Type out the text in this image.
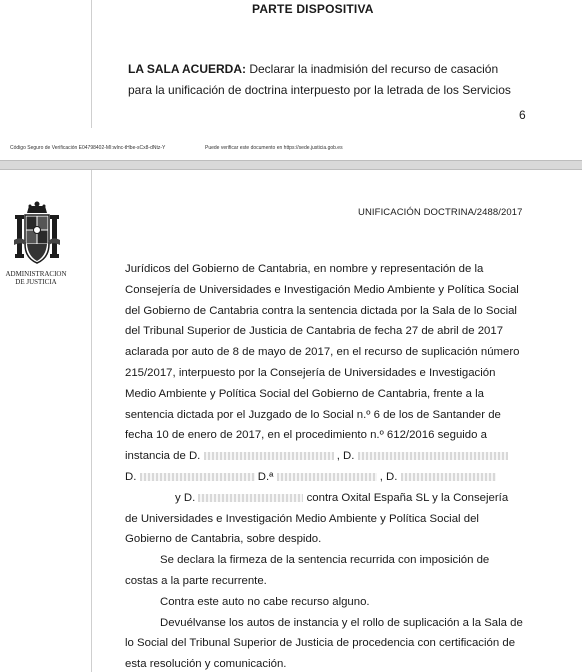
PARTE DISPOSITIVA
LA SALA ACUERDA: Declarar la inadmisión del recurso de casación
para la unificación de doctrina interpuesto por la letrada de los Servicios
6
Código Seguro de Verificación E04798402-MI:wInc-tHbe-sCx8-dNtz-Y	Puede verificar este documento en https://sede.justicia.gob.es
ADMINISTRACION
DE JUSTICIA
UNIFICACIÓN DOCTRINA/2488/2017
Jurídicos del Gobierno de Cantabria, en nombre y representación de la
Consejería de Universidades e Investigación Medio Ambiente y Política Social
del Gobierno de Cantabria contra la sentencia dictada por la Sala de lo Social
del Tribunal Superior de Justicia de Cantabria de fecha 27 de abril de 2017
aclarada por auto de 8 de mayo de 2017, en el recurso de suplicación número
215/2017, interpuesto por la Consejería de Universidades e Investigación
Medio Ambiente y Política Social del Gobierno de Cantabria, frente a la
sentencia dictada por el Juzgado de lo Social n.º 6 de los de Santander de
fecha 10 de enero de 2017, en el procedimiento n.º 612/2016 seguido a
instancia de D.	, D.
D.	D.ª	, D.
y D.	contra Oxital España SL y la Consejería
de Universidades e Investigación Medio Ambiente y Política Social del
Gobierno de Cantabria, sobre despido.
Se declara la firmeza de la sentencia recurrida con imposición de
costas a la parte recurrente.
Contra este auto no cabe recurso alguno.
Devuélvanse los autos de instancia y el rollo de suplicación a la Sala de
lo Social del Tribunal Superior de Justicia de procedencia con certificación de
esta resolución y comunicación.
